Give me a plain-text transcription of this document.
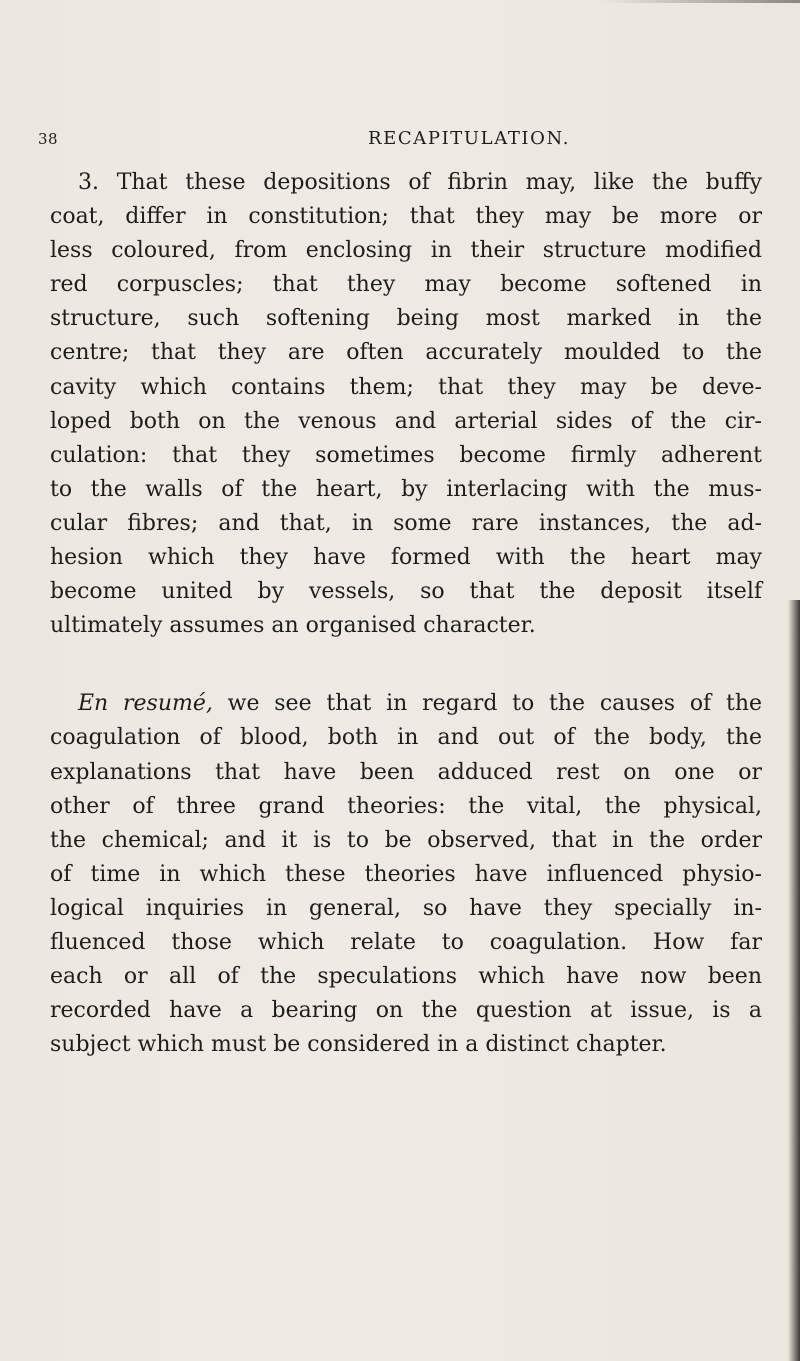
38	RECAPITULATION.
3. That these depositions of fibrin may, like the buffy
coat, differ in constitution; that they may be more or
less coloured, from enclosing in their structure modified
red corpuscles; that they may become softened in
structure, such softening being most marked in the
centre; that they are often accurately moulded to the
cavity which contains them; that they may be deve-
loped both on the venous and arterial sides of the cir-
culation: that they sometimes become firmly adherent
to the walls of the heart, by interlacing with the mus-
cular fibres; and that, in some rare instances, the ad-
hesion which they have formed with the heart may
become united by vessels, so that the deposit itself
ultimately assumes an organised character.
En resumé, we see that in regard to the causes of the
coagulation of blood, both in and out of the body, the
explanations that have been adduced rest on one or
other of three grand theories: the vital, the physical,
the chemical; and it is to be observed, that in the order
of time in which these theories have influenced physio-
logical inquiries in general, so have they specially in-
fluenced those which relate to coagulation. How far
each or all of the speculations which have now been
recorded have a bearing on the question at issue, is a
subject which must be considered in a distinct chapter.
